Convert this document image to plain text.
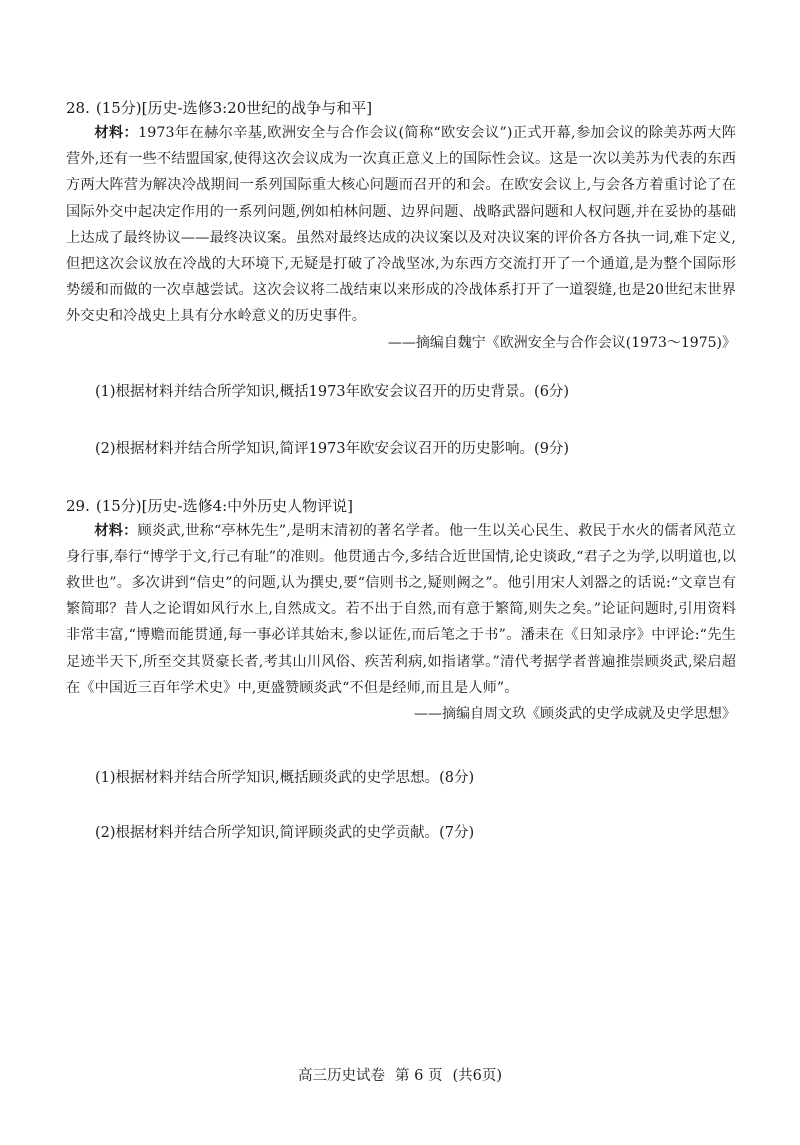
28. (15分)[历史-选修3:20世纪的战争与和平]

材料：1973年在赫尔辛基,欧洲安全与合作会议(简称“欧安会议”)正式开幕,参加会议的除美苏两大阵营外,还有一些不结盟国家,使得这次会议成为一次真正意义上的国际性会议。这是一次以美苏为代表的东西方两大阵营为解决冷战期间一系列国际重大核心问题而召开的和会。在欧安会议上,与会各方着重讨论了在国际外交中起决定作用的一系列问题,例如柏林问题、边界问题、战略武器问题和人权问题,并在妥协的基础上达成了最终协议——最终决议案。虽然对最终达成的决议案以及对决议案的评价各方各执一词,难下定义,但把这次会议放在冷战的大环境下,无疑是打破了冷战坚冰,为东西方交流打开了一个通道,是为整个国际形势缓和而做的一次卓越尝试。这次会议将二战结束以来形成的冷战体系打开了一道裂缝,也是20世纪末世界外交史和冷战史上具有分水岭意义的历史事件。

——摘编自魏宁《欧洲安全与合作会议(1973～1975)》

(1)根据材料并结合所学知识,概括1973年欧安会议召开的历史背景。(6分)

(2)根据材料并结合所学知识,简评1973年欧安会议召开的历史影响。(9分)

29. (15分)[历史-选修4:中外历史人物评说]

材料：顾炎武,世称“亭林先生”,是明末清初的著名学者。他一生以关心民生、救民于水火的儒者风范立身行事,奉行“博学于文,行己有耻”的准则。他贯通古今,多结合近世国情,论史谈政,“君子之为学,以明道也,以救世也”。多次讲到“信史”的问题,认为撰史,要“信则书之,疑则阙之”。他引用宋人刘器之的话说:“文章岂有繁简耶？昔人之论谓如风行水上,自然成文。若不出于自然,而有意于繁简,则失之矣。”论证问题时,引用资料非常丰富,“博赡而能贯通,每一事必详其始末,参以证佐,而后笔之于书”。潘耒在《日知录序》中评论:“先生足迹半天下,所至交其贤豪长者,考其山川风俗、疾苦利病,如指诸掌。”清代考据学者普遍推崇顾炎武,梁启超在《中国近三百年学术史》中,更盛赞顾炎武“不但是经师,而且是人师”。

——摘编自周文玖《顾炎武的史学成就及史学思想》

(1)根据材料并结合所学知识,概括顾炎武的史学思想。(8分)

(2)根据材料并结合所学知识,简评顾炎武的史学贡献。(7分)

高三历史试卷 第 6 页 (共6页)
